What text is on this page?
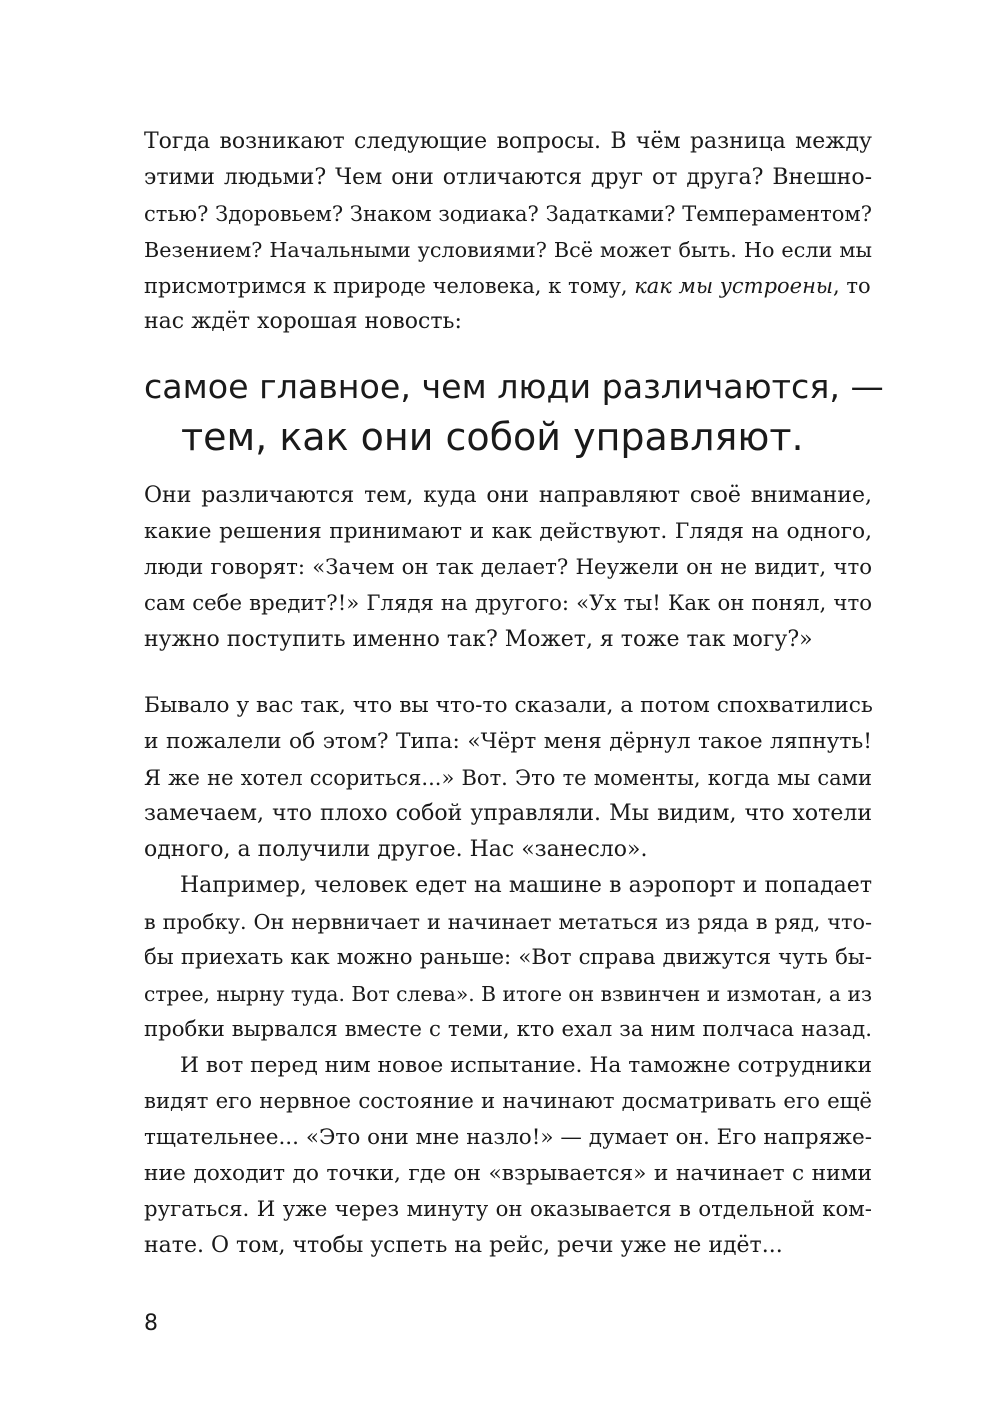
Тогда возникают следующие вопросы. В чём разница между
этими людьми? Чем они отличаются друг от друга? Внешно-
стью? Здоровьем? Знаком зодиака? Задатками? Темпераментом?
Везением? Начальными условиями? Всё может быть. Но если мы
присмотримся к природе человека, к тому, как мы устроены, то
нас ждёт хорошая новость:
самое главное, чем люди различаются, —
тем, как они собой управляют.
Они различаются тем, куда они направляют своё внимание,
какие решения принимают и как действуют. Глядя на одного,
люди говорят: «Зачем он так делает? Неужели он не видит, что
сам себе вредит?!» Глядя на другого: «Ух ты! Как он понял, что
нужно поступить именно так? Может, я тоже так могу?»
Бывало у вас так, что вы что-то сказали, а потом спохватились
и пожалели об этом? Типа: «Чёрт меня дёрнул такое ляпнуть!
Я же не хотел ссориться...» Вот. Это те моменты, когда мы сами
замечаем, что плохо собой управляли. Мы видим, что хотели
одного, а получили другое. Нас «занесло».
Например, человек едет на машине в аэропорт и попадает
в пробку. Он нервничает и начинает метаться из ряда в ряд, что-
бы приехать как можно раньше: «Вот справа движутся чуть бы-
стрее, нырну туда. Вот слева». В итоге он взвинчен и измотан, а из
пробки вырвался вместе с теми, кто ехал за ним полчаса назад.
И вот перед ним новое испытание. На таможне сотрудники
видят его нервное состояние и начинают досматривать его ещё
тщательнее... «Это они мне назло!» — думает он. Его напряже-
ние доходит до точки, где он «взрывается» и начинает с ними
ругаться. И уже через минуту он оказывается в отдельной ком-
нате. О том, чтобы успеть на рейс, речи уже не идёт...
8
